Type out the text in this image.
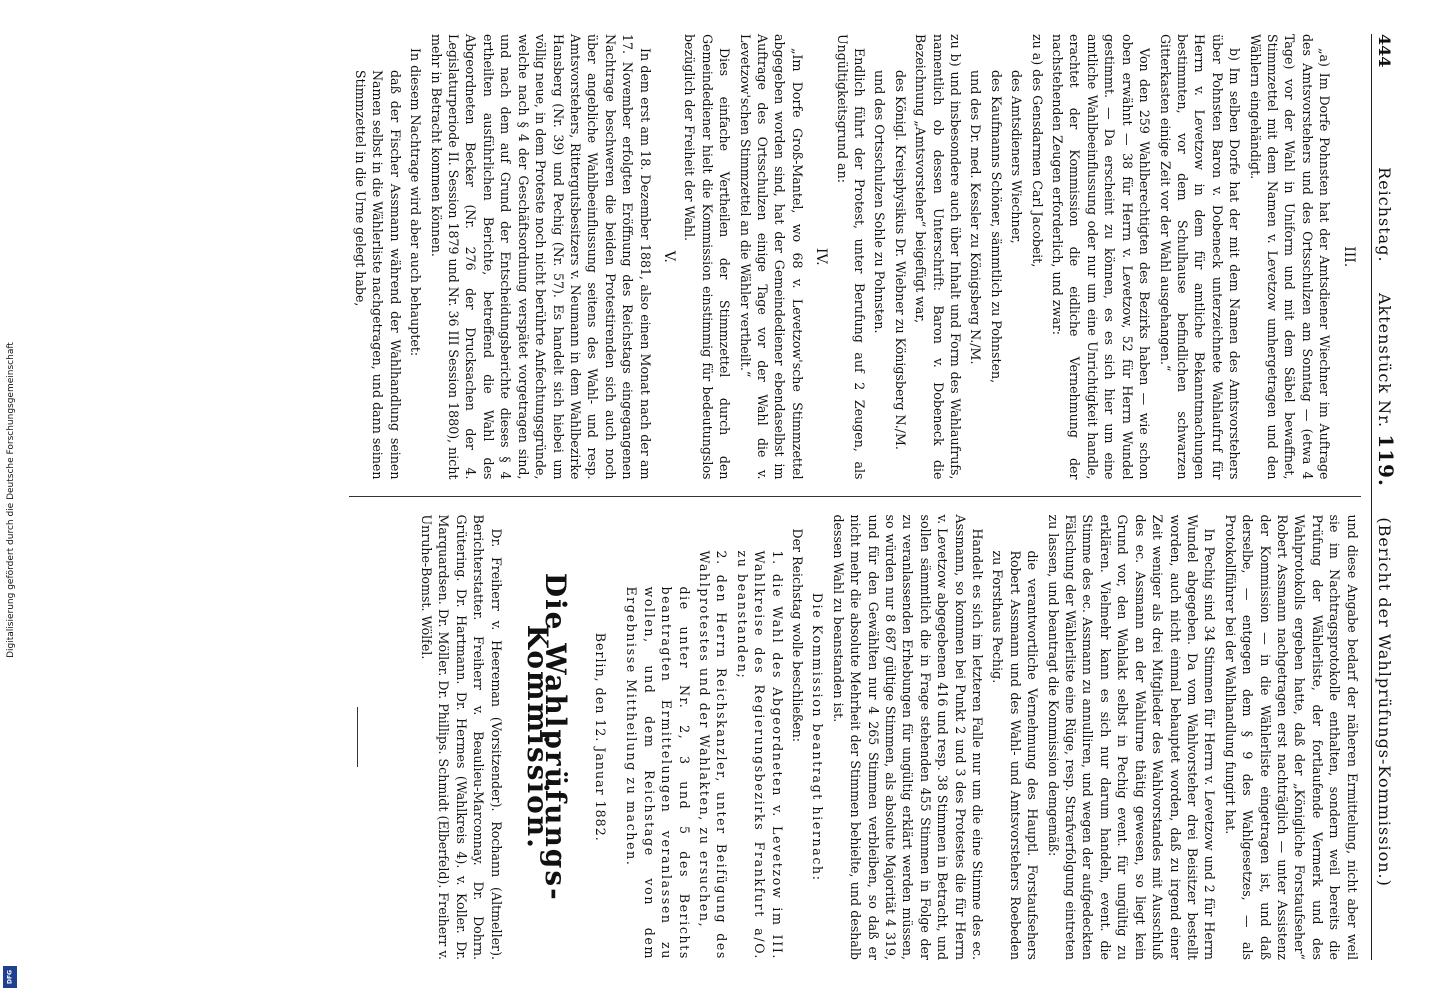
Digitalisierung gefördert durch die Deutsche Forschungsgemeinschaft
DFG
444
Reichstag.     Aktenstück Nr. 119.     (Bericht der Wahlprüfungs-Kommission.)
III.

„a) Im Dorfe Pohnsten hat der Amtsdiener Wiechner im Auftrage des Amtsvorstehers und des Ortsschulzen am Sonntag — (etwa 4 Tage) vor der Wahl in Uniform und mit dem Säbel bewaffnet, Stimmzettel mit dem Namen v. Levetzow umhergetragen und den Wählern eingehändigt.

b) Im selben Dorfe hat der mit dem Namen des Amtsvorstehers über Pohnsten Baron v. Dobeneck unterzeichnete Wahlaufruf für Herrn v. Levetzow in dem für amtliche Bekanntmachungen bestimmten, vor dem Schulhause befindlichen schwarzen Gitterkasten einige Zeit vor der Wahl ausgehangen.“

Von den 259 Wahlberechtigten des Bezirks haben — wie schon oben erwähnt — 38 für Herrn v. Levetzow, 52 für Herrn Wundel gestimmt. — Da erscheint zu können, es es sich hier um eine amtliche Wahlbeeinflussung oder nur um eine Unrichtigkeit handle, erachtet der Kommission die eidliche Vernehmung der nachstehenden Zeugen erforderlich, und zwar:

zu a) des Gensdarmen Carl Jacobeit,

des Amtsdieners Wiechner,

des Kaufmanns Schöner, sämmtlich zu Pohnsten,

und des Dr. med. Kessler zu Königsberg N./M.

zu b) und insbesondere auch über Inhalt und Form des Wahlaufrufs, namentlich ob dessen Unterschrift: Baron v. Dobeneck die Bezeichnung „Amtsvorsteher“ beigefügt war,

des Königl. Kreisphysikus Dr. Wiebner zu Königsberg N./M.

und des Ortsschulzen Sohle zu Pohnsten.

Endlich führt der Protest, unter Berufung auf 2 Zeugen, als Ungültigkeitsgrund an:

IV.

„Im Dorfe Groß-Mantel, wo 68 v. Levetzow'sche Stimmzettel abgegeben worden sind, hat der Gemeindediener ebendaselbst im Auftrage des Ortsschulzen einige Tage vor der Wahl die v. Levetzow'schen Stimmzettel an die Wähler vertheilt.“

Dies einfache Vertheilen der Stimmzettel durch den Gemeindediener hielt die Kommission einstimmig für bedeutungslos bezüglich der Freiheit der Wahl.

V.

In dem erst am 18. Dezember 1881, also einen Monat nach der am 17. November erfolgten Eröffnung des Reichstags eingegangenen Nachtrage beschweren die beiden Protestirenden sich auch noch über angebliche Wahlbeeinflussung seitens des Wahl- und resp. Amtsvorstehers, Rittergutsbesitzers v. Neumann in dem Wahlbezirke Hansberg (Nr. 39) und Pechig (Nr. 57). Es handelt sich hiebei um völlig neue, in dem Proteste noch nicht berührte Anfechtungsgründe, welche nach § 4 der Geschäftsordnung verspätet vorgetragen sind, und nach dem auf Grund der Entscheidungsberichte dieses § 4 ertheilten ausführlichen Berichte, betreffend die Wahl des Abgeordneten Becker (Nr. 276 der Drucksachen der 4. Legislaturperiode II. Session 1879 und Nr. 36 III Session 1880), nicht mehr in Betracht kommen können.

In diesem Nachtrage wird aber auch behauptet:

daß der Fischer Assmann während der Wahlhandlung seinen Namen selbst in die Wählerliste nachgetragen, und dann seinen Stimmzettel in die Urne gelegt habe,

und diese Angabe bedarf der näheren Ermittelung, nicht aber weil sie im Nachtragsprotokolle enthalten, sondern weil bereits die Prüfung der Wählerliste, der fortlaufende Vermerk und des Wahlprotokolls ergeben hatte, daß der „Königliche Forstaufseher“ Robert Assmann nachgetragen erst nachträglich — unter Assistenz der Kommission — in die Wählerliste eingetragen ist, und daß derselbe, — entgegen dem § 9 des Wahlgesetzes, — als Protokollführer bei der Wahlhandlung fungirt hat.

In Pechig sind 34 Stimmen für Herrn v. Levetzow und 2 für Herrn Wundel abgegeben. Da vom Wahlvorsteher drei Beisitzer bestellt worden, auch nicht einmal behauptet worden, daß zu irgend einer Zeit weniger als drei Mitglieder des Wahlvorstandes mit Ausschluß des ec. Assmann an der Wahlurne thätig gewesen, so liegt kein Grund vor, den Wahlakt selbst in Pechig event. für ungültig zu erklären. Vielmehr kann es sich nur darum handeln, event. die Stimme des ec. Assmann zu annulliren, und wegen der aufgedeckten Fälschung der Wählerliste eine Rüge, resp. Strafverfolgung eintreten zu lassen, und beantragt die Kommission demgemäß:

die verantwortliche Vernehmung des Hauptl. Forstaufsehers Robert Assmann und des Wahl- und Amtsvorstehers Roebeden zu Forsthaus Pechig.

Handelt es sich im letzteren Falle nur um die eine Stimme des ec. Assmann, so kommen bei Punkt 2 und 3 des Protestes die für Herrn v. Levetzow abgegebenen 416 und resp. 38 Stimmen in Betracht, und sollen sämmtlich die in Frage stehenden 455 Stimmen in Folge der zu veranlassenden Erhebungen für ungültig erklärt werden müssen, so würden nur 8 687 gültige Stimmen, als absolute Majorität 4 319, und für den Gewählten nur 4 265 Stimmen verbleiben, so daß er nicht mehr die absolute Mehrheit der Stimmen behielte, und deshalb dessen Wahl zu beanstanden ist.

Die Kommission beantragt hiernach:

Der Reichstag wolle beschließen:

1. die Wahl des Abgeordneten v. Levetzow im III. Wahlkreise des Regierungsbezirks Frankfurt a/O. zu beanstanden;

2. den Herrn Reichskanzler, unter Beifügung des Wahlprotestes und der Wahlakten, zu ersuchen,

die unter Nr. 2, 3 und 5 des Berichts beantragten Ermittelungen veranlassen zu wollen, und dem Reichstage von dem Ergebnisse Mittheilung zu machen.

Berlin, den 12. Januar 1882.
Die Wahlprüfungs-Kommission.

Dr. Freiherr v. Heereman (Vorsitzender). Rochann (Altmeller). Berichterstatter. Freiherr v. Beaulieu-Marconnay. Dr. Dohrn. Grütering. Dr. Hartmann. Dr. Hermes (Wahlkreis 4). v. Koller. Dr. Marquardsen. Dr. Möller. Dr. Phillips. Schmidt (Elberfeld). Freiherr v. Unruhe-Bomst. Wölfel.
